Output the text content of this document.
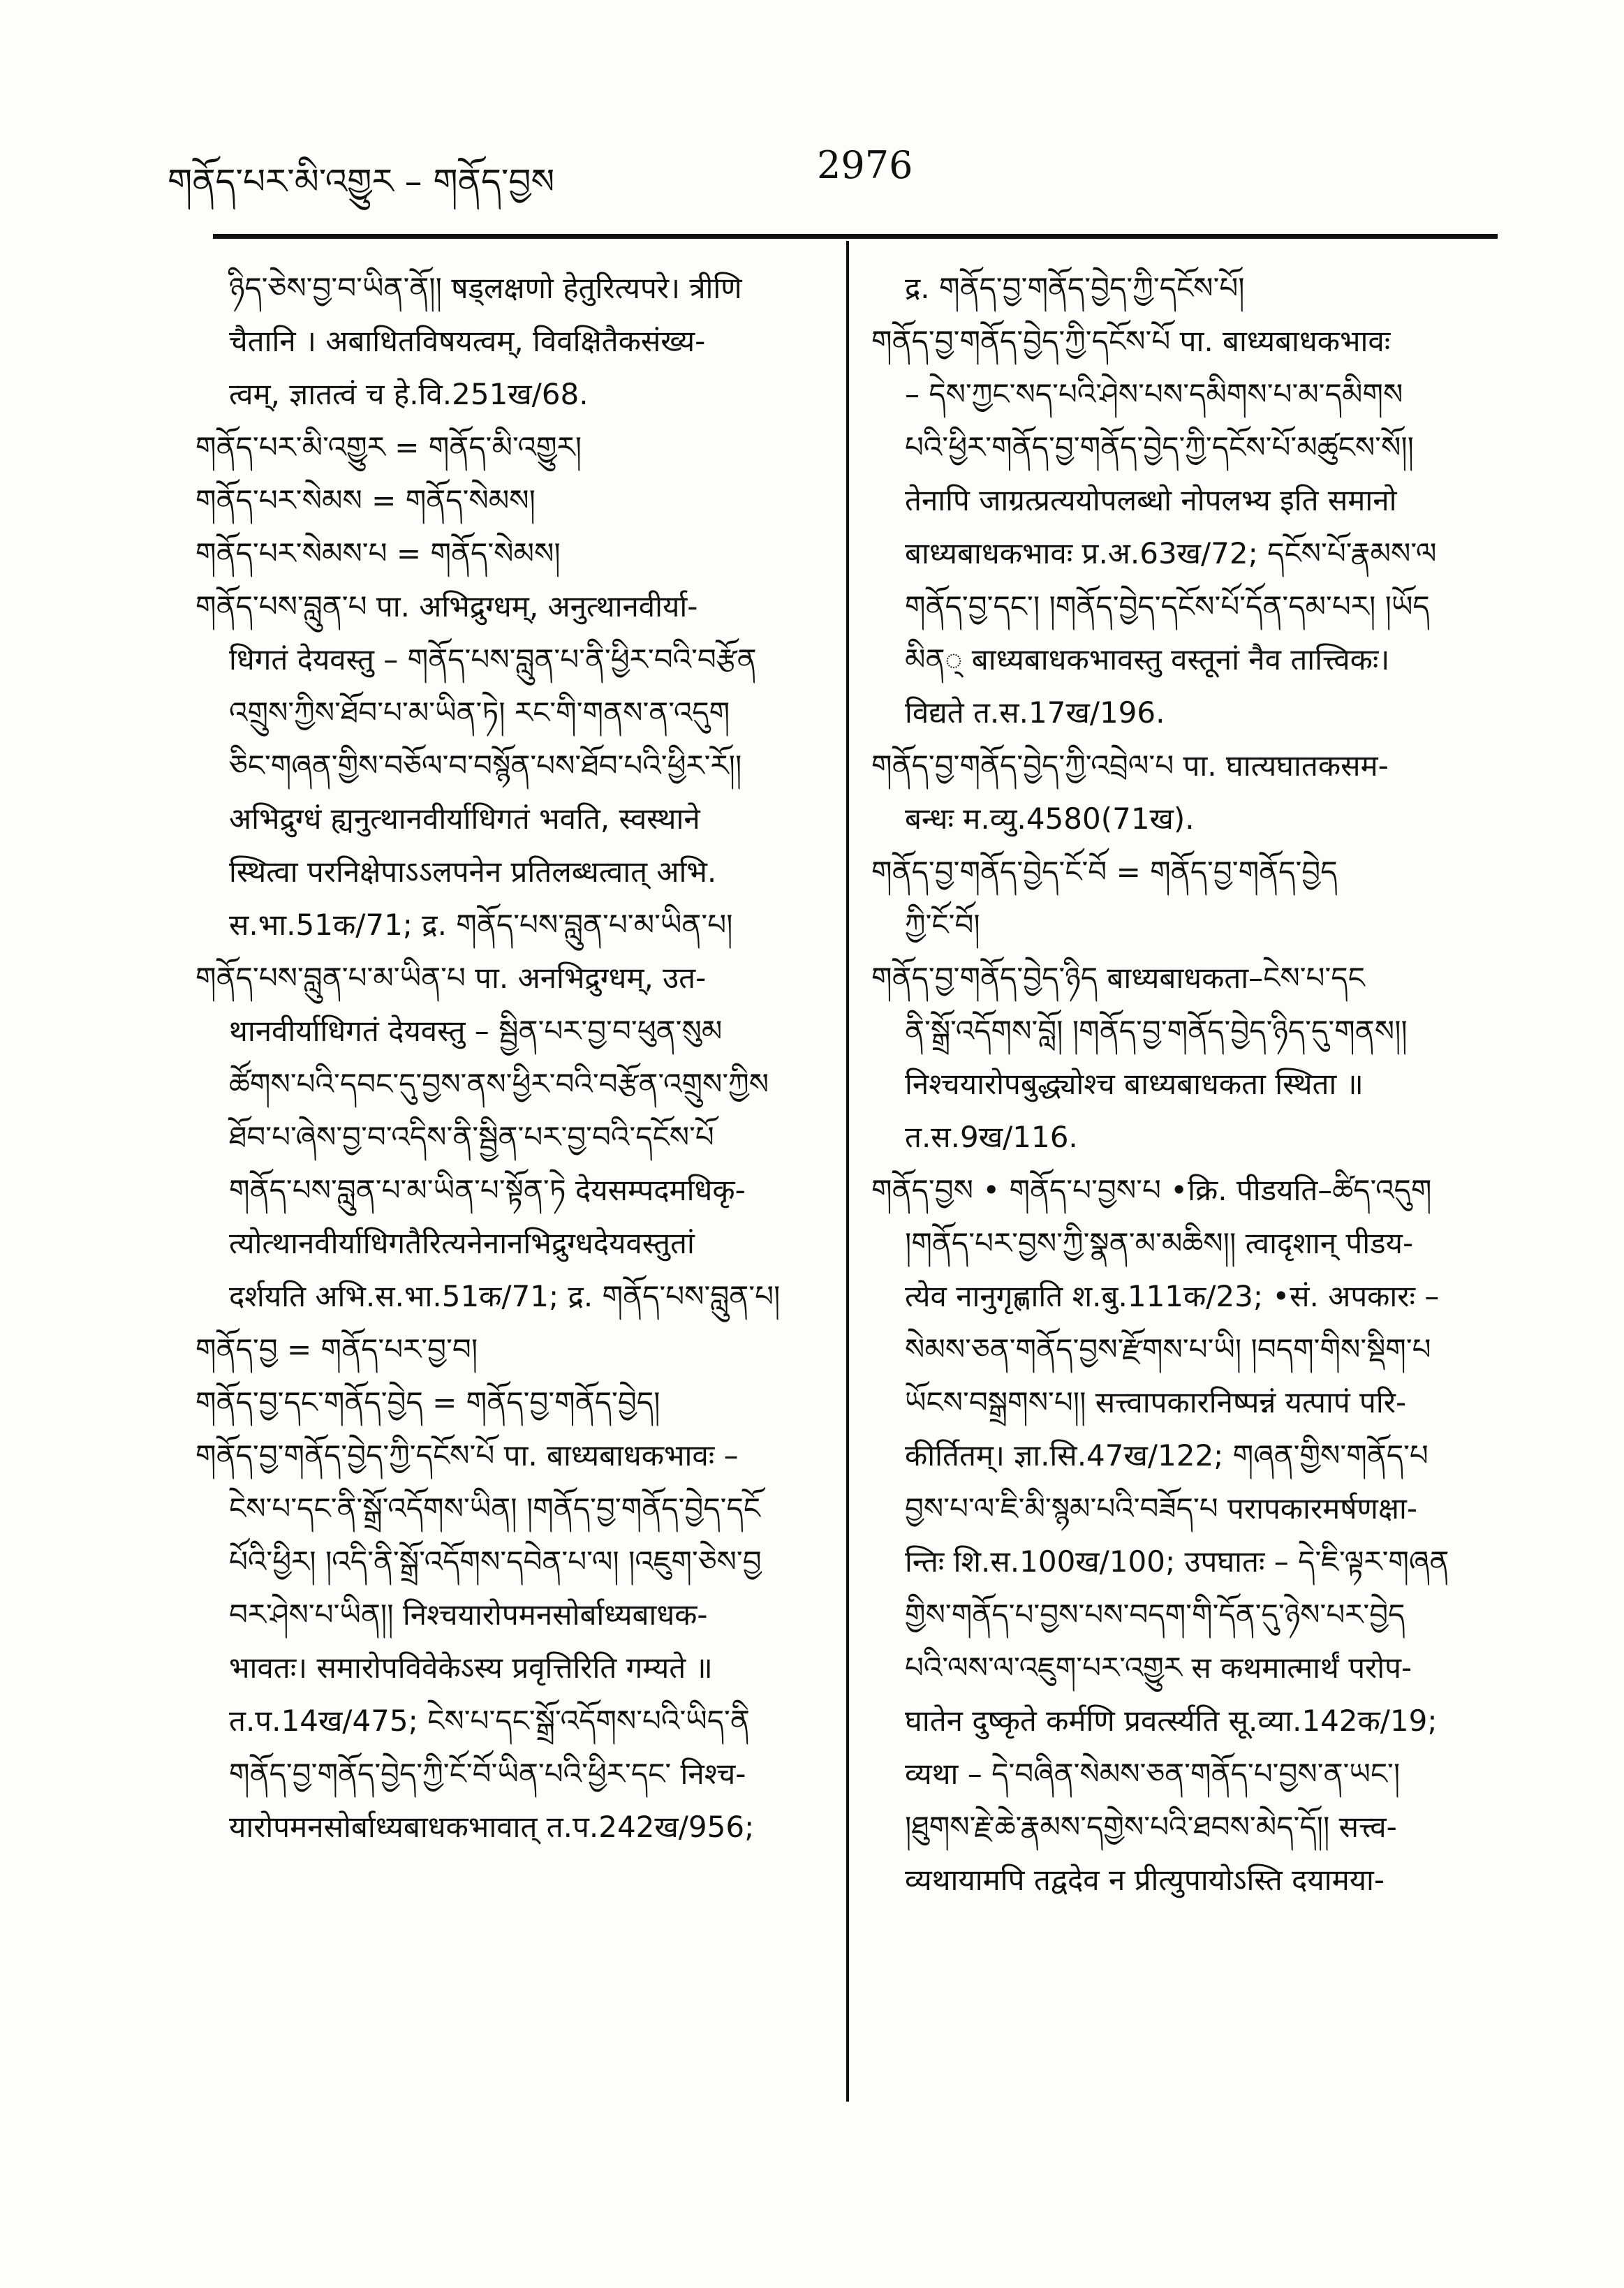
གནོད་པར་མི་འགྱུར – གནོད་བྱས	2976
ཉིད་ཅེས་བྱ་བ་ཡིན་ནོ།། षड्लक्षणो हेतुरित्यपरे। त्रीणि
चैतानि । अबाधितविषयत्वम्, विवक्षितैकसंख्य-
त्वम्, ज्ञातत्वं च हे.वि.251ख/68.
གནོད་པར་མི་འགྱུར = གནོད་མི་འགྱུར།
གནོད་པར་སེམས = གནོད་སེམས།
གནོད་པར་སེམས་པ = གནོད་སེམས།
གནོད་པས་བླུན་པ पा. अभिद्रुग्धम्, अनुत्थानवीर्या-
धिगतं देयवस्तु – གནོད་པས་བླུན་པ་ནི་ཕྱིར་བའི་བརྩོན
འགྲུས་ཀྱིས་ཐོབ་པ་མ་ཡིན་ཏེ། རང་གི་གནས་ན་འདུག
ཅིང་གཞན་གྱིས་བཅོལ་བ་བསྙོན་པས་ཐོབ་པའི་ཕྱིར་རོ།།
अभिद्रुग्धं ह्यनुत्थानवीर्याधिगतं भवति, स्वस्थाने
स्थित्वा परनिक्षेपाऽऽलपनेन प्रतिलब्धत्वात् अभि.
स.भा.51क/71; द्र. གནོད་པས་བླུན་པ་མ་ཡིན་པ།
གནོད་པས་བླུན་པ་མ་ཡིན་པ पा. अनभिद्रुग्धम्, उत-
थानवीर्याधिगतं देयवस्तु – སྦྱིན་པར་བྱ་བ་ཕུན་སུམ
ཚོགས་པའི་དབང་དུ་བྱས་ནས་ཕྱིར་བའི་བརྩོན་འགྲུས་ཀྱིས
ཐོབ་པ་ཞེས་བྱ་བ་འདིས་ནི་སྦྱིན་པར་བྱ་བའི་དངོས་པོ
གནོད་པས་བླུན་པ་མ་ཡིན་པ་སྟོན་ཏེ देयसम्पदमधिकृ-
त्योत्थानवीर्याधिगतैरित्यनेनानभिद्रुग्धदेयवस्तुतां
दर्शयति अभि.स.भा.51क/71; द्र. གནོད་པས་བླུན་པ།
གནོད་བྱ = གནོད་པར་བྱ་བ།
གནོད་བྱ་དང་གནོད་བྱེད = གནོད་བྱ་གནོད་བྱེད།
གནོད་བྱ་གནོད་བྱེད་ཀྱི་དངོས་པོ पा. बाध्यबाधकभावः –
ངེས་པ་དང་ནི་སྒྲོ་འདོགས་ཡིན། །གནོད་བྱ་གནོད་བྱེད་དངོ
པོའི་ཕྱིར། །འདི་ནི་སྒྲོ་འདོགས་དབེན་པ་ལ། །འཇུག་ཅེས་བྱ
བར་ཤེས་པ་ཡིན།། निश्चयारोपमनसोर्बाध्यबाधक-
भावतः। समारोपविवेकेऽस्य प्रवृत्तिरिति गम्यते ॥
त.प.14ख/475; ངེས་པ་དང་སྒྲོ་འདོགས་པའི་ཡིད་ནི
གནོད་བྱ་གནོད་བྱེད་ཀྱི་ངོ་བོ་ཡིན་པའི་ཕྱིར་དང་ निश्च-
यारोपमनसोर्बाध्यबाधकभावात् त.प.242ख/956;
द्र. གནོད་བྱ་གནོད་བྱེད་ཀྱི་དངོས་པོ།
གནོད་བྱ་གནོད་བྱེད་ཀྱི་དངོས་པོ पा. बाध्यबाधकभावः
– དེས་ཀྱང་སད་པའི་ཤེས་པས་དམིགས་པ་མ་དམིགས
པའི་ཕྱིར་གནོད་བྱ་གནོད་བྱེད་ཀྱི་དངོས་པོ་མཚུངས་སོ།།
तेनापि जाग्रत्प्रत्ययोपलब्धो नोपलभ्य इति समानो
बाध्यबाधकभावः प्र.अ.63ख/72; དངོས་པོ་རྣམས་ལ
གནོད་བྱ་དང་། །གནོད་བྱེད་དངོས་པོ་དོན་དམ་པར། །ཡོད
མིན् बाध्यबाधकभावस्तु वस्तूनां नैव तात्त्विकः।
विद्यते त.स.17ख/196.
གནོད་བྱ་གནོད་བྱེད་ཀྱི་འབྲེལ་པ पा. घात्यघातकसम-
बन्धः म.व्यु.4580(71ख).
གནོད་བྱ་གནོད་བྱེད་ངོ་བོ = གནོད་བྱ་གནོད་བྱེད
ཀྱི་ངོ་བོ།
གནོད་བྱ་གནོད་བྱེད་ཉིད बाध्यबाधकता–ངེས་པ་དང
ནི་སྒྲོ་འདོགས་བློ། །གནོད་བྱ་གནོད་བྱེད་ཉིད་དུ་གནས།།
निश्चयारोपबुद्ध्योश्च बाध्यबाधकता स्थिता ॥
त.स.9ख/116.
གནོད་བྱས • གནོད་པ་བྱས་པ •क्रि. पीडयति–ཚིད་འདུག
།གནོད་པར་བྱས་ཀྱི་སྣན་མ་མཆིས།། त्वादृशान् पीडय-
त्येव नानुगृह्णाति श.बु.111क/23; •सं. अपकारः –
སེམས་ཅན་གནོད་བྱས་རྫོགས་པ་ཡི། །བདག་གིས་སྡིག་པ
ཡོངས་བསྒྲགས་པ།། सत्त्वापकारनिष्पन्नं यत्पापं परि-
कीर्तितम्। ज्ञा.सि.47ख/122; གཞན་གྱིས་གནོད་པ
བྱས་པ་ལ་ཇི་མི་སྙམ་པའི་བཟོད་པ परापकारमर्षणक्षा-
न्तिः शि.स.100ख/100; उपघातः – དེ་ཇི་ལྟར་གཞན
གྱིས་གནོད་པ་བྱས་པས་བདག་གི་དོན་དུ་ཉེས་པར་བྱེད
པའི་ལས་ལ་འཇུག་པར་འགྱུར स कथमात्मार्थं परोप-
घातेन दुष्कृते कर्मणि प्रवर्त्स्यति सू.व्या.142क/19;
व्यथा – དེ་བཞིན་སེམས་ཅན་གནོད་པ་བྱས་ན་ཡང་།
།ཐུགས་རྗེ་ཆེ་རྣམས་དགྱེས་པའི་ཐབས་མེད་དོ།། सत्त्व-
व्यथायामपि तद्वदेव न प्रीत्युपायोऽस्ति दयामया-
